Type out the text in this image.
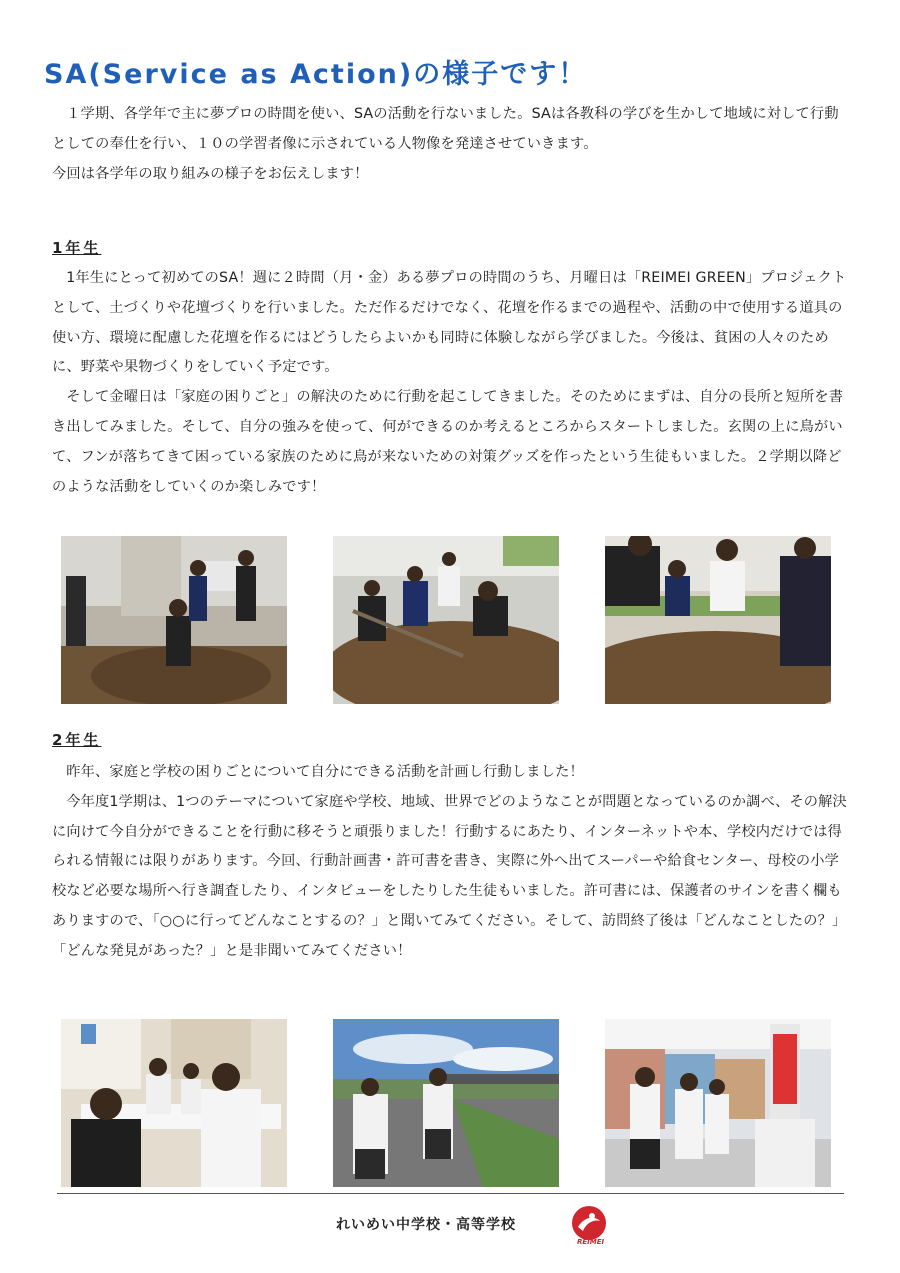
SA(Service as Action)の様子です！

１学期、各学年で主に夢プロの時間を使い、SAの活動を行ないました。SAは各教科の学びを生かして地域に対して行動としての奉仕を行い、１０の学習者像に示されている人物像を発達させていきます。

今回は各学年の取り組みの様子をお伝えします！

1年生

1年生にとって初めてのSA！週に２時間（月・金）ある夢プロの時間のうち、月曜日は「REIMEI GREEN」プロジェクトとして、土づくりや花壇づくりを行いました。ただ作るだけでなく、花壇を作るまでの過程や、活動の中で使用する道具の使い方、環境に配慮した花壇を作るにはどうしたらよいかも同時に体験しながら学びました。今後は、貧困の人々のために、野菜や果物づくりをしていく予定です。

そして金曜日は「家庭の困りごと」の解決のために行動を起こしてきました。そのためにまずは、自分の長所と短所を書き出してみました。そして、自分の強みを使って、何ができるのか考えるところからスタートしました。玄関の上に鳥がいて、フンが落ちてきて困っている家族のために鳥が来ないための対策グッズを作ったという生徒もいました。２学期以降どのような活動をしていくのか楽しみです！

2年生

昨年、家庭と学校の困りごとについて自分にできる活動を計画し行動しました！

今年度1学期は、1つのテーマについて家庭や学校、地域、世界でどのようなことが問題となっているのか調べ、その解決に向けて今自分ができることを行動に移そうと頑張りました！行動するにあたり、インターネットや本、学校内だけでは得られる情報には限りがあります。今回、行動計画書・許可書を書き、実際に外へ出てスーパーや給食センター、母校の小学校など必要な場所へ行き調査したり、インタビューをしたりした生徒もいました。許可書には、保護者のサインを書く欄もありますので、「○○に行ってどんなことするの？」と聞いてみてください。そして、訪問終了後は「どんなことしたの？」「どんな発見があった？」と是非聞いてみてください！

れいめい中学校・高等学校
REIMEI
